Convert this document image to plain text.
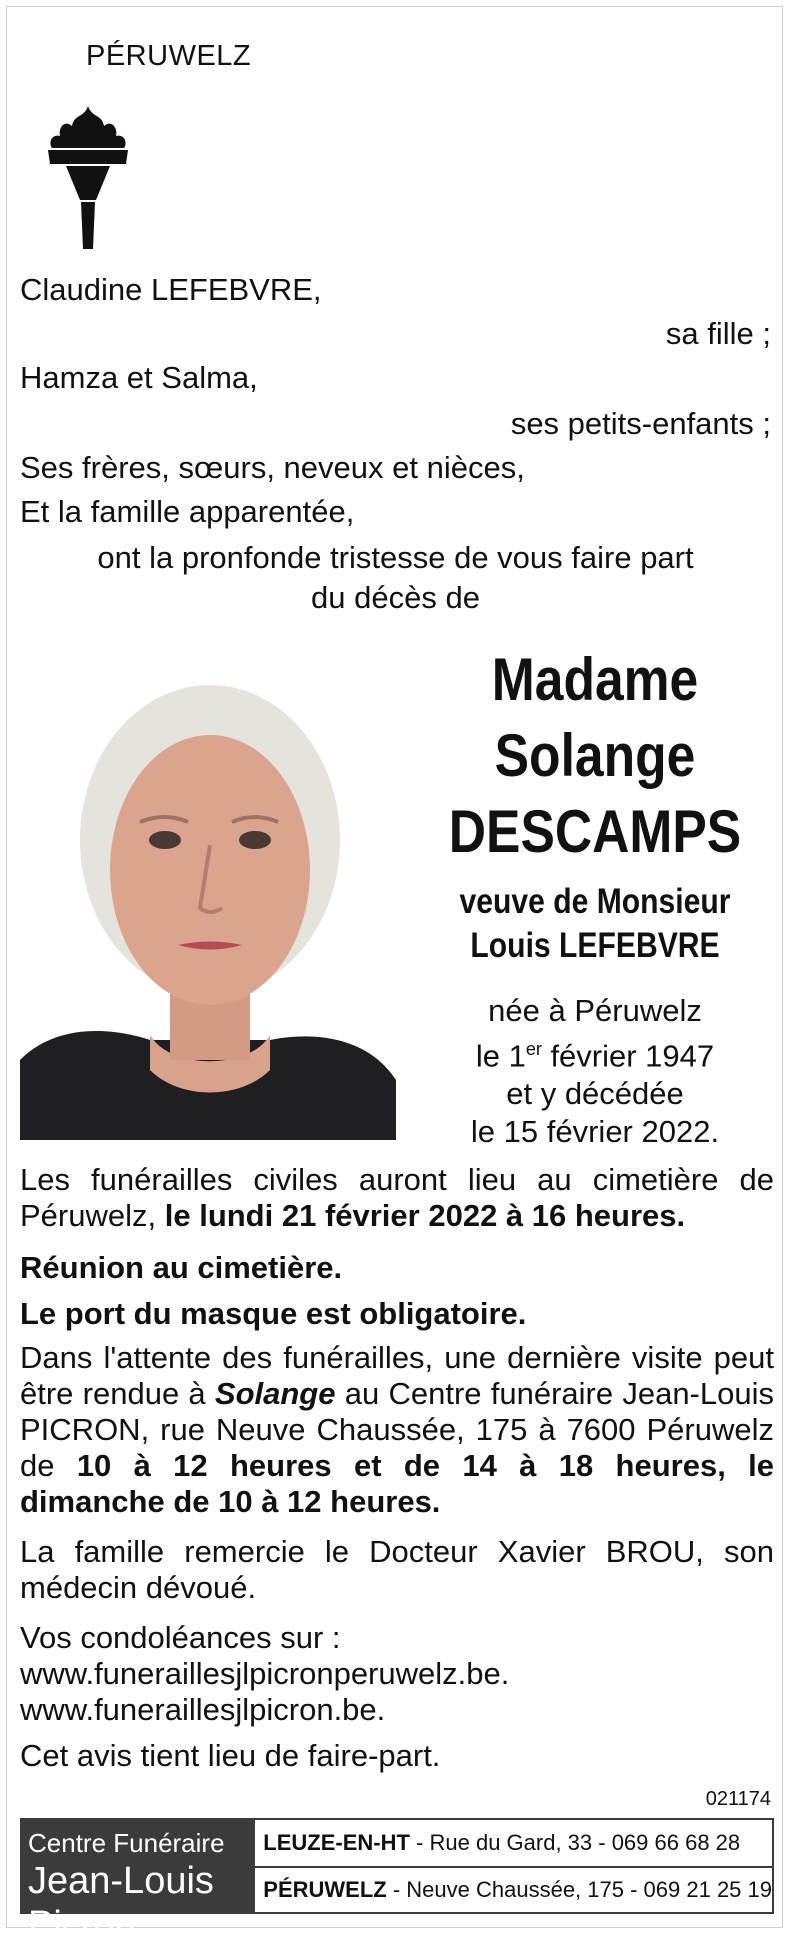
PÉRUWELZ
Claudine LEFEBVRE,
sa fille ;
Hamza et Salma,
ses petits-enfants ;
Ses frères, sœurs, neveux et nièces,
Et la famille apparentée,
ont la pronfonde tristesse de vous faire part
du décès de
Madame
Solange
DESCAMPS
veuve de Monsieur
Louis LEFEBVRE
née à Péruwelz
le 1er février 1947
et y décédée
le 15 février 2022.
Les funérailles civiles auront lieu au cimetière de Péruwelz, le lundi 21 février 2022 à 16 heures.
Réunion au cimetière.
Le port du masque est obligatoire.
Dans l'attente des funérailles, une dernière visite peut être rendue à Solange au Centre funéraire Jean-Louis PICRON, rue Neuve Chaussée, 175 à 7600 Péruwelz de 10 à 12 heures et de 14 à 18 heures, le dimanche de 10 à 12 heures.
La famille remercie le Docteur Xavier BROU, son médecin dévoué.
Vos condoléances sur :
www.funeraillesjlpicronperuwelz.be.
www.funeraillesjlpicron.be.
Cet avis tient lieu de faire-part.
021174
Centre Funéraire
Jean-Louis Picron
LEUZE-EN-HT - Rue du Gard, 33 - 069 66 68 28
PÉRUWELZ - Neuve Chaussée, 175 - 069 21 25 19
